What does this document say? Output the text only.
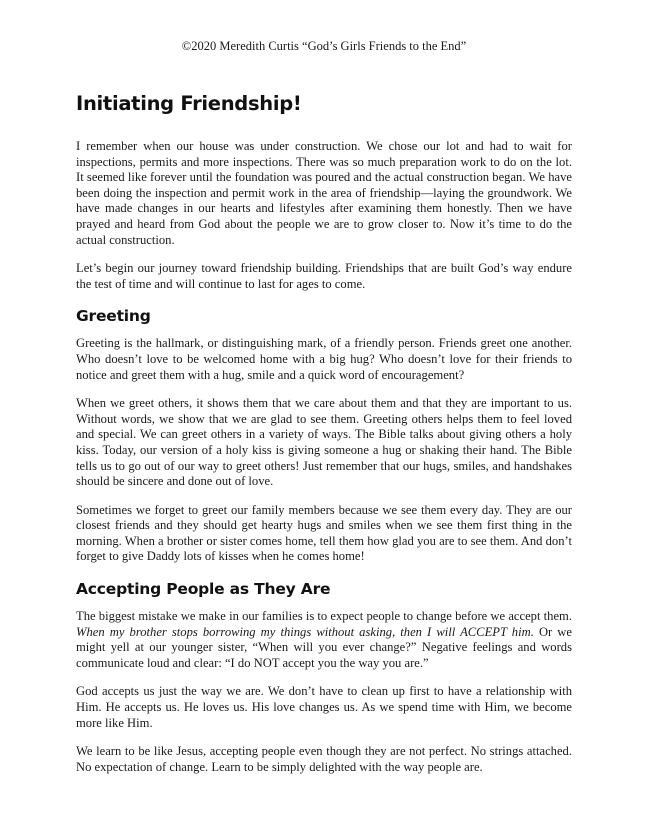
©2020 Meredith Curtis “God’s Girls Friends to the End”
Initiating Friendship!

I remember when our house was under construction. We chose our lot and had to wait for inspections, permits and more inspections. There was so much preparation work to do on the lot. It seemed like forever until the foundation was poured and the actual construction began. We have been doing the inspection and permit work in the area of friendship—laying the groundwork. We have made changes in our hearts and lifestyles after examining them honestly. Then we have prayed and heard from God about the people we are to grow closer to. Now it’s time to do the actual construction.

Let’s begin our journey toward friendship building. Friendships that are built God’s way endure the test of time and will continue to last for ages to come.

Greeting

Greeting is the hallmark, or distinguishing mark, of a friendly person. Friends greet one another. Who doesn’t love to be welcomed home with a big hug? Who doesn’t love for their friends to notice and greet them with a hug, smile and a quick word of encouragement?

When we greet others, it shows them that we care about them and that they are important to us. Without words, we show that we are glad to see them. Greeting others helps them to feel loved and special. We can greet others in a variety of ways. The Bible talks about giving others a holy kiss. Today, our version of a holy kiss is giving someone a hug or shaking their hand. The Bible tells us to go out of our way to greet others! Just remember that our hugs, smiles, and handshakes should be sincere and done out of love.

Sometimes we forget to greet our family members because we see them every day. They are our closest friends and they should get hearty hugs and smiles when we see them first thing in the morning. When a brother or sister comes home, tell them how glad you are to see them. And don’t forget to give Daddy lots of kisses when he comes home!

Accepting People as They Are

The biggest mistake we make in our families is to expect people to change before we accept them. When my brother stops borrowing my things without asking, then I will ACCEPT him. Or we might yell at our younger sister, “When will you ever change?” Negative feelings and words communicate loud and clear: “I do NOT accept you the way you are.”

God accepts us just the way we are. We don’t have to clean up first to have a relationship with Him. He accepts us. He loves us. His love changes us. As we spend time with Him, we become more like Him.

We learn to be like Jesus, accepting people even though they are not perfect. No strings attached. No expectation of change. Learn to be simply delighted with the way people are.
